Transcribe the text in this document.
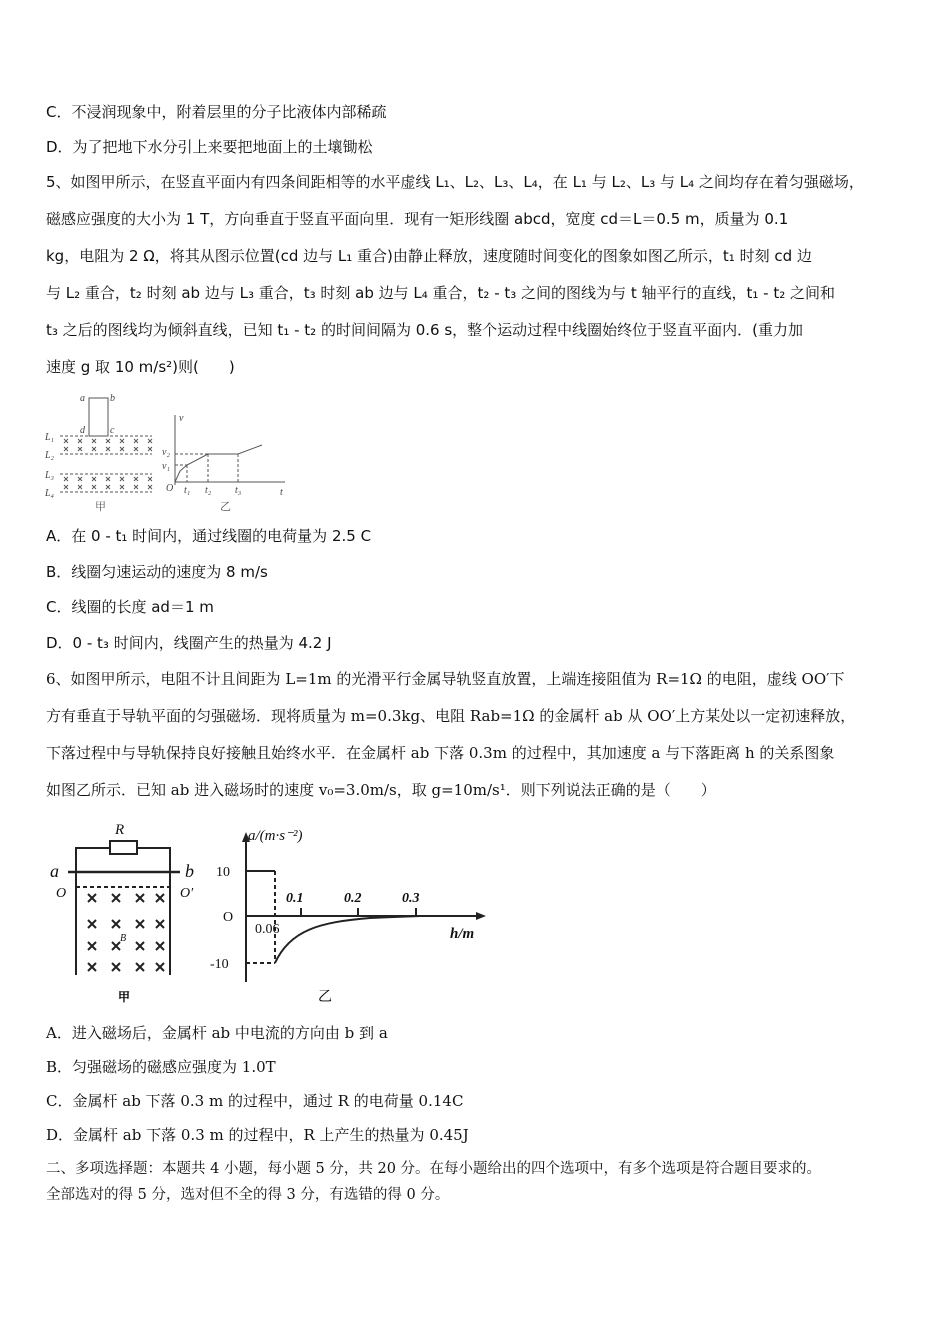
C．不浸润现象中，附着层里的分子比液体内部稀疏
D．为了把地下水分引上来要把地面上的土壤锄松
5、如图甲所示，在竖直平面内有四条间距相等的水平虚线 L₁、L₂、L₃、L₄，在 L₁ 与 L₂、L₃ 与 L₄ 之间均存在着匀强磁场，
磁感应强度的大小为 1 T，方向垂直于竖直平面向里．现有一矩形线圈 abcd，宽度 cd＝L＝0.5 m，质量为 0.1
kg，电阻为 2 Ω，将其从图示位置(cd 边与 L₁ 重合)由静止释放，速度随时间变化的图象如图乙所示，t₁ 时刻 cd 边
与 L₂ 重合，t₂ 时刻 ab 边与 L₃ 重合，t₃ 时刻 ab 边与 L₄ 重合，t₂ - t₃ 之间的图线为与 t 轴平行的直线，t₁ - t₂ 之间和
t₃ 之后的图线均为倾斜直线，已知 t₁ - t₂ 的时间间隔为 0.6 s，整个运动过程中线圈始终位于竖直平面内．(重力加
速度 g 取 10 m/s²)则(　　)
a	b
d	c
L₁
L₂
L₃
L₄
v
v₂
v₁
O t₁ t₂ t₃	t
甲	乙
A．在 0 - t₁ 时间内，通过线圈的电荷量为 2.5 C
B．线圈匀速运动的速度为 8 m/s
C．线圈的长度 ad＝1 m
D．0 - t₃ 时间内，线圈产生的热量为 4.2 J
6、如图甲所示，电阻不计且间距为 L=1m 的光滑平行金属导轨竖直放置，上端连接阻值为 R=1Ω 的电阻，虚线 OO′下
方有垂直于导轨平面的匀强磁场．现将质量为 m=0.3kg、电阻 Rab=1Ω 的金属杆 ab 从 OO′上方某处以一定初速释放，
下落过程中与导轨保持良好接触且始终水平．在金属杆 ab 下落 0.3m 的过程中，其加速度 a 与下落距离 h 的关系图象
如图乙所示．已知 ab 进入磁场时的速度 v₀=3.0m/s，取 g=10m/s¹．则下列说法正确的是（　　）
R
a	b
O	O′
B
a/(m·s⁻²)
h/m
O
10
-10
0.1	0.2	0.3
0.06
甲	乙
A．进入磁场后，金属杆 ab 中电流的方向由 b 到 a
B．匀强磁场的磁感应强度为 1.0T
C．金属杆 ab 下落 0.3 m 的过程中，通过 R 的电荷量 0.14C
D．金属杆 ab 下落 0.3 m 的过程中，R 上产生的热量为 0.45J
二、多项选择题：本题共 4 小题，每小题 5 分，共 20 分。在每小题给出的四个选项中，有多个选项是符合题目要求的。
全部选对的得 5 分，选对但不全的得 3 分，有选错的得 0 分。
